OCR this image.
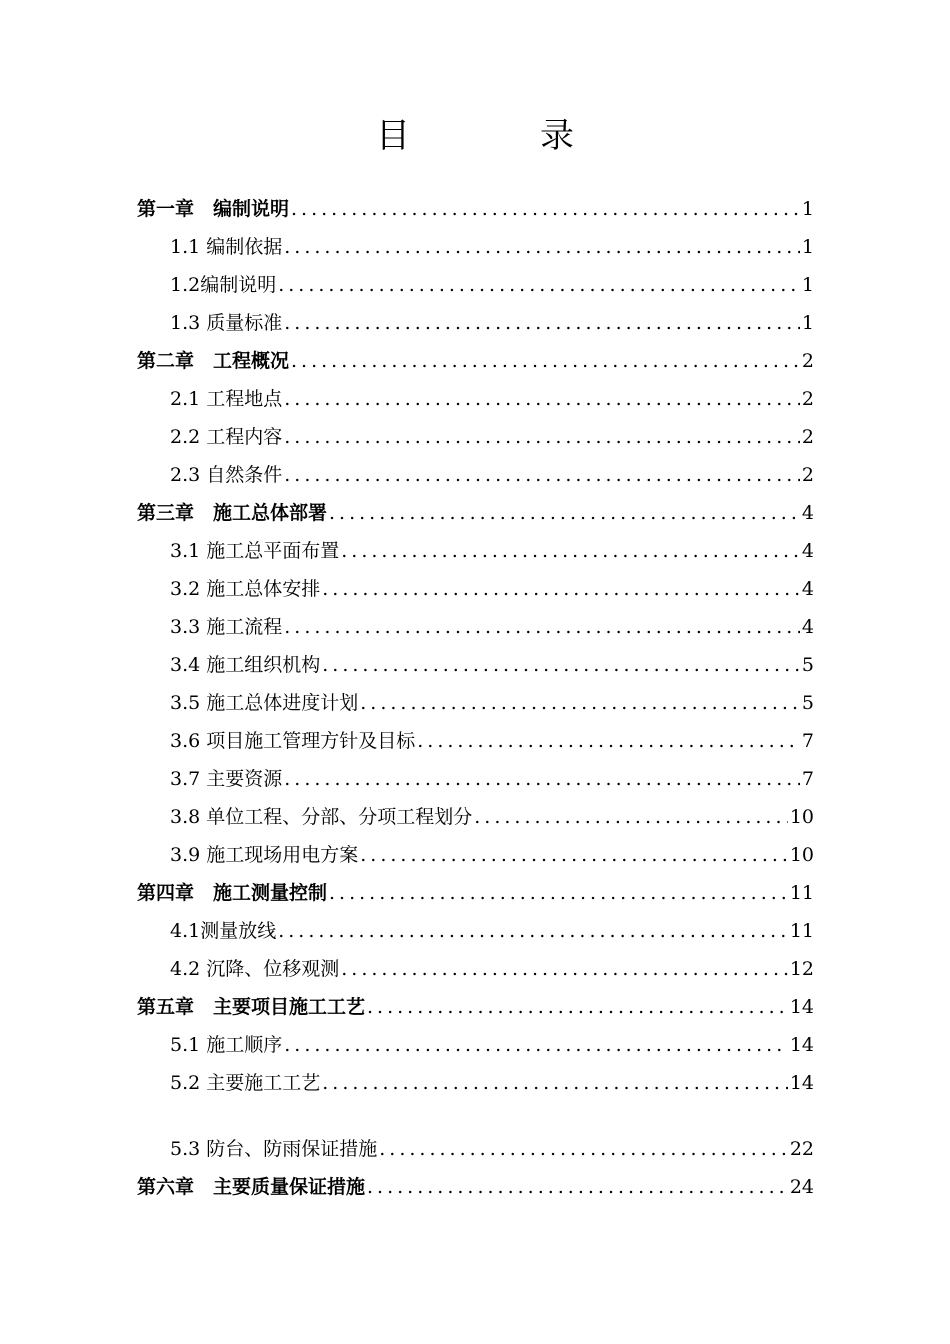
目　录
第一章　编制说明 .....	1
1.1 编制依据 .....	1
1.2编制说明 .....	1
1.3 质量标准 .....	1
第二章　工程概况 .....	2
2.1 工程地点 .....	2
2.2 工程内容 .....	2
2.3 自然条件 .....	2
第三章　施工总体部署 .....	4
3.1 施工总平面布置 .....	4
3.2 施工总体安排 .....	4
3.3 施工流程 .....	4
3.4 施工组织机构 .....	5
3.5 施工总体进度计划 .....	5
3.6 项目施工管理方针及目标 .....	7
3.7 主要资源 .....	7
3.8 单位工程、分部、分项工程划分 .....	10
3.9 施工现场用电方案 .....	10
第四章　施工测量控制 .....	11
4.1测量放线 .....	11
4.2 沉降、位移观测 .....	12
第五章　主要项目施工工艺 .....	14
5.1 施工顺序 .....	14
5.2 主要施工工艺 .....	14
5.3 防台、防雨保证措施 .....	22
第六章　主要质量保证措施 .....	24
